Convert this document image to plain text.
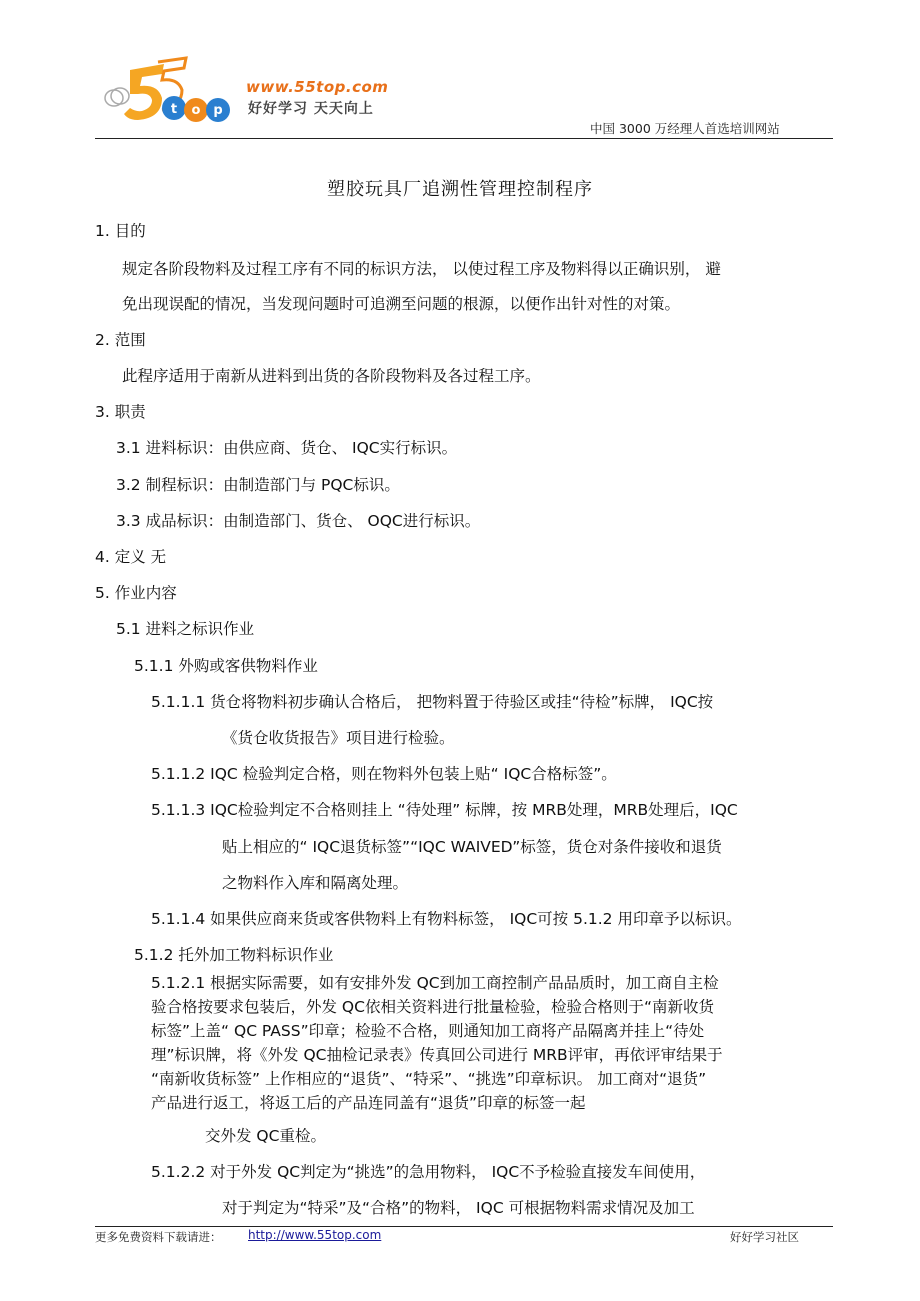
t o p
www.55top.com
好好学习 天天向上
中国 3000 万经理人首选培训网站
塑胶玩具厂追溯性管理控制程序
1. 目的
规定各阶段物料及过程工序有不同的标识方法， 以使过程工序及物料得以正确识别， 避
免出现误配的情况，当发现问题时可追溯至问题的根源，以便作出针对性的对策。
2. 范围
此程序适用于南新从进料到出货的各阶段物料及各过程工序。
3. 职责
3.1 进料标识：由供应商、货仓、 IQC实行标识。
3.2 制程标识：由制造部门与 PQC标识。
3.3 成品标识：由制造部门、货仓、 OQC进行标识。
4. 定义 无
5. 作业内容
5.1 进料之标识作业
5.1.1 外购或客供物料作业
5.1.1.1 货仓将物料初步确认合格后， 把物料置于待验区或挂“待检”标牌， IQC按
《货仓收货报告》项目进行检验。
5.1.1.2 IQC 检验判定合格，则在物料外包装上贴“ IQC合格标签”。
5.1.1.3 IQC检验判定不合格则挂上 “待处理” 标牌，按 MRB处理，MRB处理后，IQC
贴上相应的“ IQC退货标签”“IQC WAIVED”标签，货仓对条件接收和退货
之物料作入库和隔离处理。
5.1.1.4 如果供应商来货或客供物料上有物料标签， IQC可按 5.1.2 用印章予以标识。
5.1.2 托外加工物料标识作业
5.1.2.1 根据实际需要，如有安排外发 QC到加工商控制产品品质时，加工商自主检
验合格按要求包装后，外发 QC依相关资料进行批量检验，检验合格则于“南新收货
标签”上盖“ QC PASS”印章；检验不合格，则通知加工商将产品隔离并挂上“待处
理”标识牌，将《外发 QC抽检记录表》传真回公司进行 MRB评审，再依评审结果于
“南新收货标签” 上作相应的“退货”、“特采”、“挑选”印章标识。 加工商对“退货”
产品进行返工，将返工后的产品连同盖有“退货”印章的标签一起
交外发 QC重检。
5.1.2.2 对于外发 QC判定为“挑选”的急用物料， IQC不予检验直接发车间使用，
对于判定为“特采”及“合格”的物料， IQC 可根据物料需求情况及加工
更多免费资料下载请进： http://www.55top.com	好好学习社区
